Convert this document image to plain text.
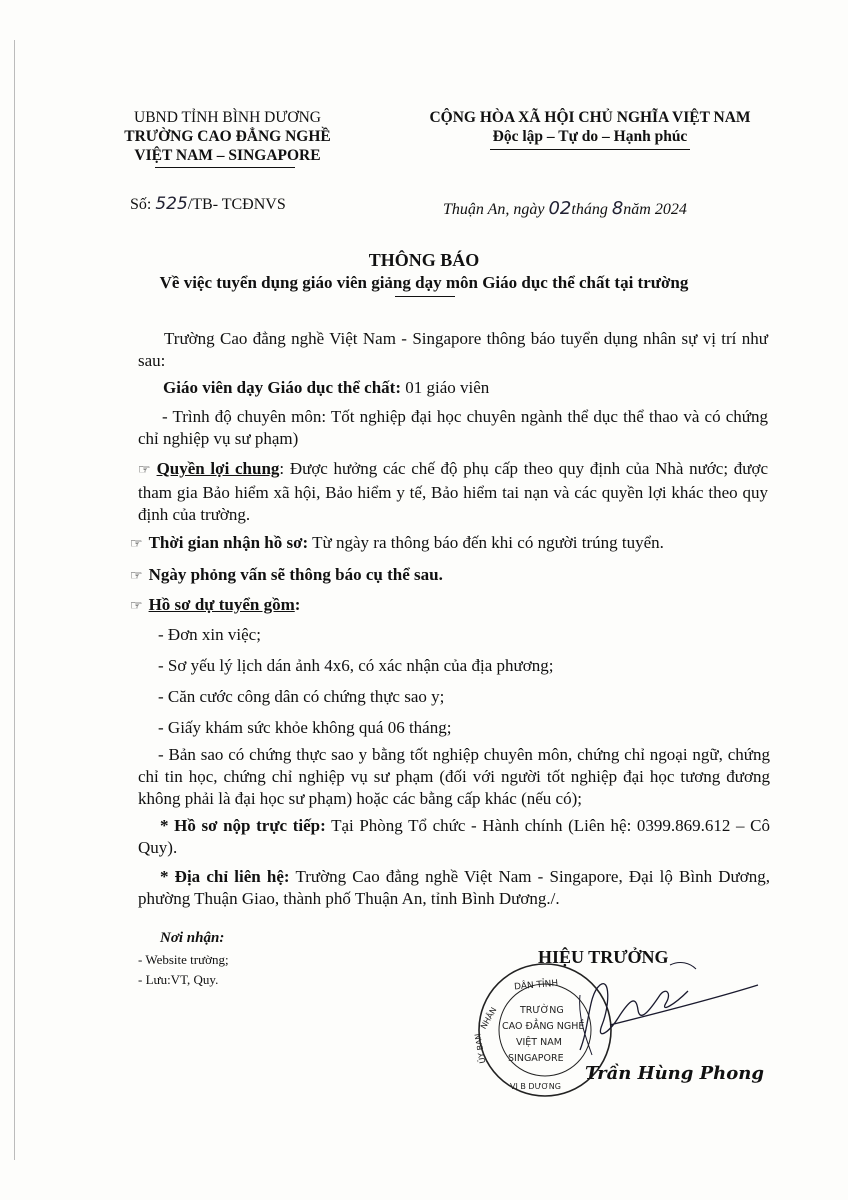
UBND TỈNH BÌNH DƯƠNG
TRƯỜNG CAO ĐẲNG NGHỀ
VIỆT NAM – SINGAPORE
Số: 525/TB- TCĐNVS
CỘNG HÒA XÃ HỘI CHỦ NGHĨA VIỆT NAM
Độc lập – Tự do – Hạnh phúc
Thuận An, ngày 02tháng 8năm 2024
THÔNG BÁO
Về việc tuyển dụng giáo viên giảng dạy môn Giáo dục thể chất tại trường
Trường Cao đẳng nghề Việt Nam - Singapore thông báo tuyển dụng nhân sự vị trí như sau:
Giáo viên dạy Giáo dục thể chất: 01 giáo viên
- Trình độ chuyên môn: Tốt nghiệp đại học chuyên ngành thể dục thể thao và có chứng chỉ nghiệp vụ sư phạm)
☞ Quyền lợi chung: Được hưởng các chế độ phụ cấp theo quy định của Nhà nước; được tham gia Bảo hiểm xã hội, Bảo hiểm y tế, Bảo hiểm tai nạn và các quyền lợi khác theo quy định của trường.
☞ Thời gian nhận hồ sơ: Từ ngày ra thông báo đến khi có người trúng tuyển.
☞ Ngày phỏng vấn sẽ thông báo cụ thể sau.
☞ Hồ sơ dự tuyển gồm:
- Đơn xin việc;
- Sơ yếu lý lịch dán ảnh 4x6, có xác nhận của địa phương;
- Căn cước công dân có chứng thực sao y;
- Giấy khám sức khỏe không quá 06 tháng;
- Bản sao có chứng thực sao y bằng tốt nghiệp chuyên môn, chứng chỉ ngoại ngữ, chứng chỉ tin học, chứng chỉ nghiệp vụ sư phạm (đối với người tốt nghiệp đại học tương đương không phải là đại học sư phạm) hoặc các bằng cấp khác (nếu có);
* Hồ sơ nộp trực tiếp: Tại Phòng Tổ chức - Hành chính (Liên hệ: 0399.869.612 – Cô Quy).
* Địa chỉ liên hệ: Trường Cao đẳng nghề Việt Nam - Singapore, Đại lộ Bình Dương, phường Thuận Giao, thành phố Thuận An, tỉnh Bình Dương./.
Nơi nhận:
- Website trường;
- Lưu:VT, Quy.
HIỆU TRƯỞNG
DÂN TỈNH
NHÂN
ỦY BAN
VỊ B DƯƠNG
TRƯỜNG
CAO ĐẲNG NGHỀ
VIỆT NAM
SINGAPORE
Trần Hùng Phong
